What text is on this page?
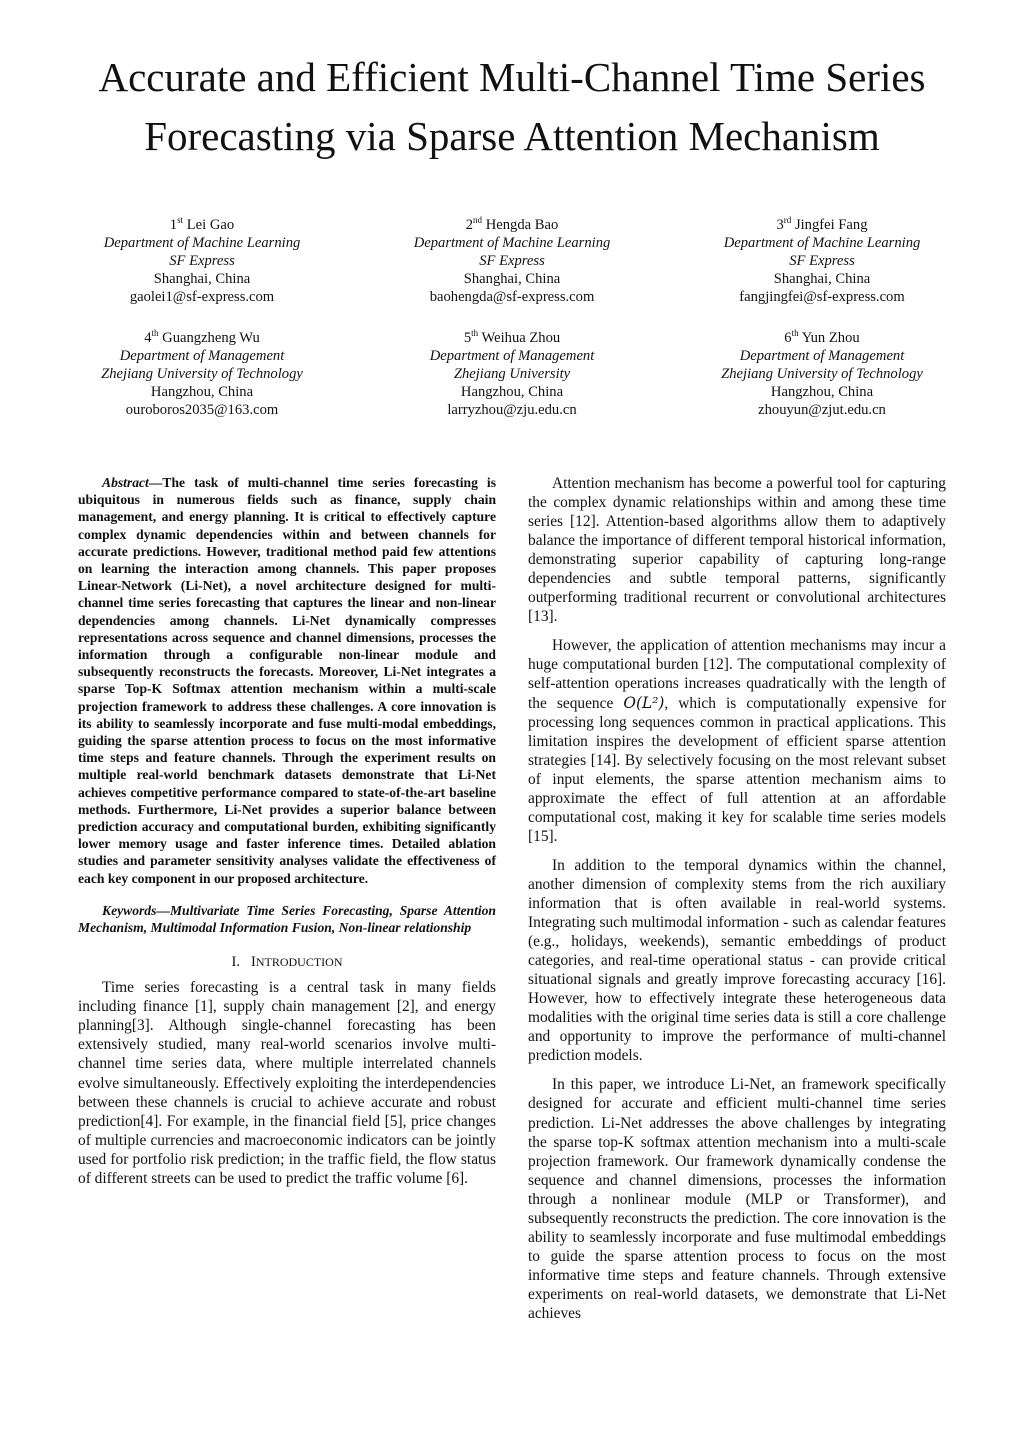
Accurate and Efficient Multi-Channel Time Series
Forecasting via Sparse Attention Mechanism
1st Lei Gao
Department of Machine Learning
SF Express
Shanghai, China
gaolei1@sf-express.com
2nd Hengda Bao
Department of Machine Learning
SF Express
Shanghai, China
baohengda@sf-express.com
3rd Jingfei Fang
Department of Machine Learning
SF Express
Shanghai, China
fangjingfei@sf-express.com
4th Guangzheng Wu
Department of Management
Zhejiang University of Technology
Hangzhou, China
ouroboros2035@163.com
5th Weihua Zhou
Department of Management
Zhejiang University
Hangzhou, China
larryzhou@zju.edu.cn
6th Yun Zhou
Department of Management
Zhejiang University of Technology
Hangzhou, China
zhouyun@zjut.edu.cn

Abstract—The task of multi-channel time series forecasting is ubiquitous in numerous fields such as finance, supply chain management, and energy planning. It is critical to effectively capture complex dynamic dependencies within and between channels for accurate predictions. However, traditional method paid few attentions on learning the interaction among channels. This paper proposes Linear-Network (Li-Net), a novel architecture designed for multi-channel time series forecasting that captures the linear and non-linear dependencies among channels. Li-Net dynamically compresses representations across sequence and channel dimensions, processes the information through a configurable non-linear module and subsequently reconstructs the forecasts. Moreover, Li-Net integrates a sparse Top-K Softmax attention mechanism within a multi-scale projection framework to address these challenges. A core innovation is its ability to seamlessly incorporate and fuse multi-modal embeddings, guiding the sparse attention process to focus on the most informative time steps and feature channels. Through the experiment results on multiple real-world benchmark datasets demonstrate that Li-Net achieves competitive performance compared to state-of-the-art baseline methods. Furthermore, Li-Net provides a superior balance between prediction accuracy and computational burden, exhibiting significantly lower memory usage and faster inference times. Detailed ablation studies and parameter sensitivity analyses validate the effectiveness of each key component in our proposed architecture.

Keywords—Multivariate Time Series Forecasting, Sparse Attention Mechanism, Multimodal Information Fusion, Non-linear relationship

I. INTRODUCTION

Time series forecasting is a central task in many fields including finance [1], supply chain management [2], and energy planning[3]. Although single-channel forecasting has been extensively studied, many real-world scenarios involve multi-channel time series data, where multiple interrelated channels evolve simultaneously. Effectively exploiting the interdependencies between these channels is crucial to achieve accurate and robust prediction[4]. For example, in the financial field [5], price changes of multiple currencies and macroeconomic indicators can be jointly used for portfolio risk prediction; in the traffic field, the flow status of different streets can be used to predict the traffic volume [6].

Attention mechanism has become a powerful tool for capturing the complex dynamic relationships within and among these time series [12]. Attention-based algorithms allow them to adaptively balance the importance of different temporal historical information, demonstrating superior capability of capturing long-range dependencies and subtle temporal patterns, significantly outperforming traditional recurrent or convolutional architectures [13].

However, the application of attention mechanisms may incur a huge computational burden [12]. The computational complexity of self-attention operations increases quadratically with the length of the sequence O(L²), which is computationally expensive for processing long sequences common in practical applications. This limitation inspires the development of efficient sparse attention strategies [14]. By selectively focusing on the most relevant subset of input elements, the sparse attention mechanism aims to approximate the effect of full attention at an affordable computational cost, making it key for scalable time series models [15].

In addition to the temporal dynamics within the channel, another dimension of complexity stems from the rich auxiliary information that is often available in real-world systems. Integrating such multimodal information - such as calendar features (e.g., holidays, weekends), semantic embeddings of product categories, and real-time operational status - can provide critical situational signals and greatly improve forecasting accuracy [16]. However, how to effectively integrate these heterogeneous data modalities with the original time series data is still a core challenge and opportunity to improve the performance of multi-channel prediction models.

In this paper, we introduce Li-Net, an framework specifically designed for accurate and efficient multi-channel time series prediction. Li-Net addresses the above challenges by integrating the sparse top-K softmax attention mechanism into a multi-scale projection framework. Our framework dynamically condense the sequence and channel dimensions, processes the information through a nonlinear module (MLP or Transformer), and subsequently reconstructs the prediction. The core innovation is the ability to seamlessly incorporate and fuse multimodal embeddings to guide the sparse attention process to focus on the most informative time steps and feature channels. Through extensive experiments on real-world datasets, we demonstrate that Li-Net achieves
